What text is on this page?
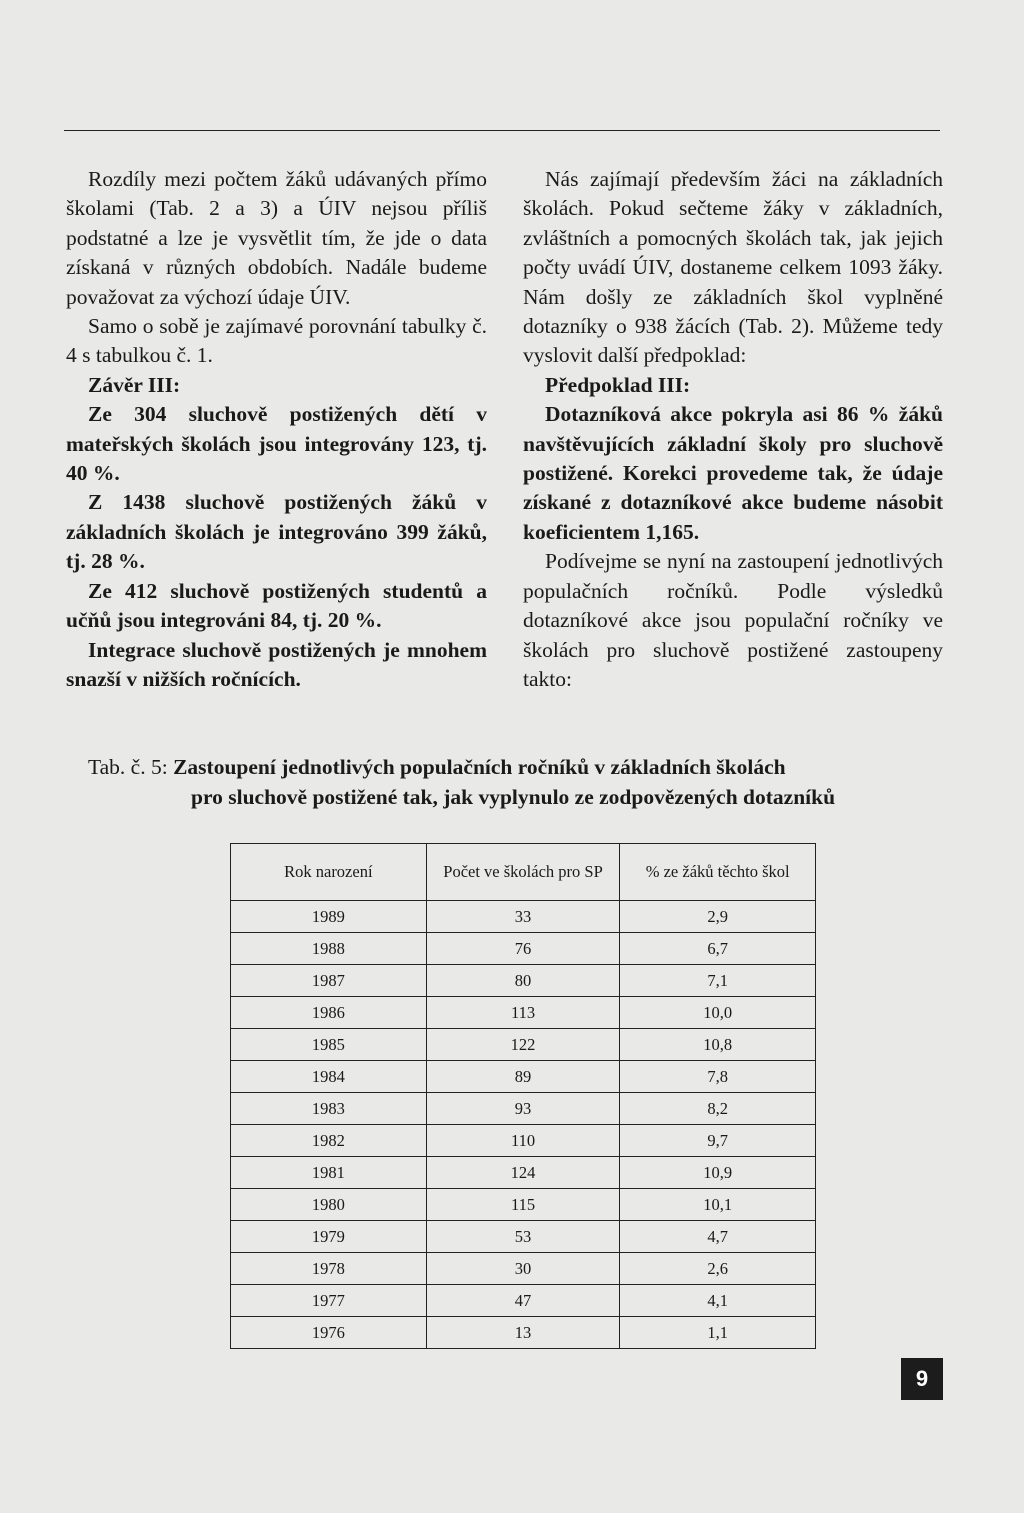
Rozdíly mezi počtem žáků udávaných přímo školami (Tab. 2 a 3) a ÚIV nejsou příliš podstatné a lze je vysvětlit tím, že jde o data získaná v různých obdobích. Nadále budeme považovat za výchozí údaje ÚIV.

Samo o sobě je zajímavé porovnání tabulky č. 4 s tabulkou č. 1.

Závěr III:

Ze 304 sluchově postižených dětí v mateřských školách jsou integrovány 123, tj. 40 %.

Z 1438 sluchově postižených žáků v základních školách je integrováno 399 žáků, tj. 28 %.

Ze 412 sluchově postižených studentů a učňů jsou integrováni 84, tj. 20 %.

Integrace sluchově postižených je mnohem snazší v nižších ročnících.

Nás zajímají především žáci na základních školách. Pokud sečteme žáky v základních, zvláštních a pomocných školách tak, jak jejich počty uvádí ÚIV, dostaneme celkem 1093 žáky. Nám došly ze základních škol vyplněné dotazníky o 938 žácích (Tab. 2). Můžeme tedy vyslovit další předpoklad:

Předpoklad III:

Dotazníková akce pokryla asi 86 % žáků navštěvujících základní školy pro sluchově postižené. Korekci provedeme tak, že údaje získané z dotazníkové akce budeme násobit koeficientem 1,165.

Podívejme se nyní na zastoupení jednotlivých populačních ročníků. Podle výsledků dotazníkové akce jsou populační ročníky ve školách pro sluchově postižené zastoupeny takto:

Tab. č. 5: Zastoupení jednotlivých populačních ročníků v základních školách
pro sluchově postižené tak, jak vyplynulo ze zodpovězených dotazníků
Rok narození	Počet ve školách pro SP	% ze žáků těchto škol
1989	33	2,9
1988	76	6,7
1987	80	7,1
1986	113	10,0
1985	122	10,8
1984	89	7,8
1983	93	8,2
1982	110	9,7
1981	124	10,9
1980	115	10,1
1979	53	4,7
1978	30	2,6
1977	47	4,1
1976	13	1,1
9
